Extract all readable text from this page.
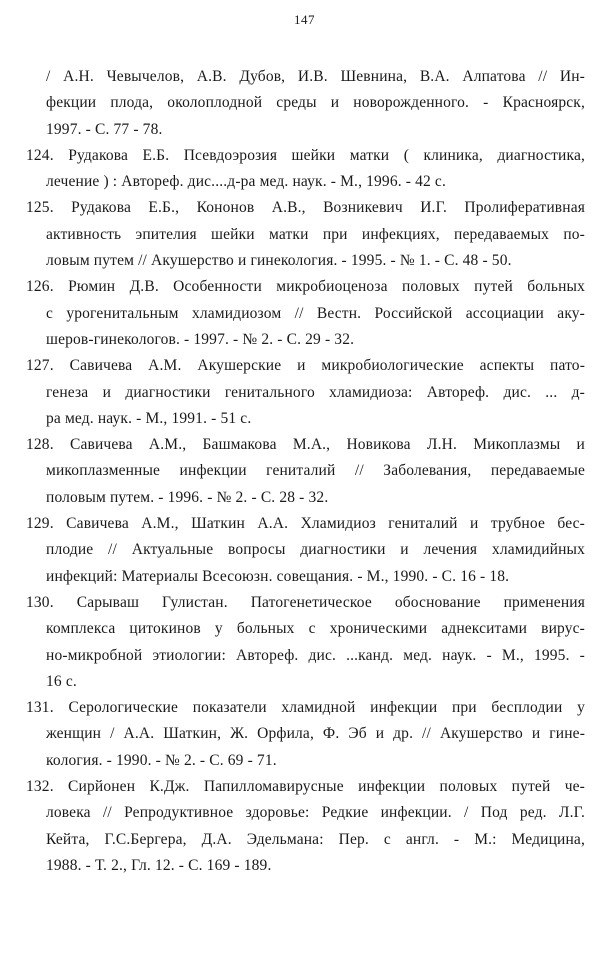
147
/ А.Н. Чевычелов, А.В. Дубов, И.В. Шевнина, В.А. Алпатова // Ин-
фекции плода, околоплодной среды и новорожденного. - Красноярск,
1997. - С. 77 - 78.
124. Рудакова Е.Б. Псевдоэрозия шейки матки ( клиника, диагностика,
лечение ) : Автореф. дис....д-ра мед. наук. - М., 1996. - 42 с.
125. Рудакова Е.Б., Кононов А.В., Возникевич И.Г. Пролиферативная
активность эпителия шейки матки при инфекциях, передаваемых по-
ловым путем // Акушерство и гинекология. - 1995. - № 1. - С. 48 - 50.
126. Рюмин Д.В. Особенности микробиоценоза половых путей больных
с урогенитальным хламидиозом // Вестн. Российской ассоциации аку-
шеров-гинекологов. - 1997. - № 2. - С. 29 - 32.
127. Савичева А.М. Акушерские и микробиологические аспекты пато-
генеза и диагностики генитального хламидиоза: Автореф. дис. ... д-
ра мед. наук. - М., 1991. - 51 с.
128. Савичева А.М., Башмакова М.А., Новикова Л.Н. Микоплазмы и
микоплазменные инфекции гениталий // Заболевания, передаваемые
половым путем. - 1996. - № 2. - С. 28 - 32.
129. Савичева А.М., Шаткин А.А. Хламидиоз гениталий и трубное бес-
плодие // Актуальные вопросы диагностики и лечения хламидийных
инфекций: Материалы Всесоюзн. совещания. - М., 1990. - С. 16 - 18.
130. Сарываш Гулистан. Патогенетическое обоснование применения
комплекса цитокинов у больных с хроническими аднекситами вирус-
но-микробной этиологии: Автореф. дис. ...канд. мед. наук. - М., 1995. -
16 с.
131. Серологические показатели хламидной инфекции при бесплодии у
женщин / А.А. Шаткин, Ж. Орфила, Ф. Эб и др. // Акушерство и гине-
кология. - 1990. - № 2. - С. 69 - 71.
132. Сирйонен К.Дж. Папилломавирусные инфекции половых путей че-
ловека // Репродуктивное здоровье: Редкие инфекции. / Под ред. Л.Г.
Кейта, Г.С.Бергера, Д.А. Эдельмана: Пер. с англ. - М.: Медицина,
1988. - Т. 2., Гл. 12. - С. 169 - 189.
